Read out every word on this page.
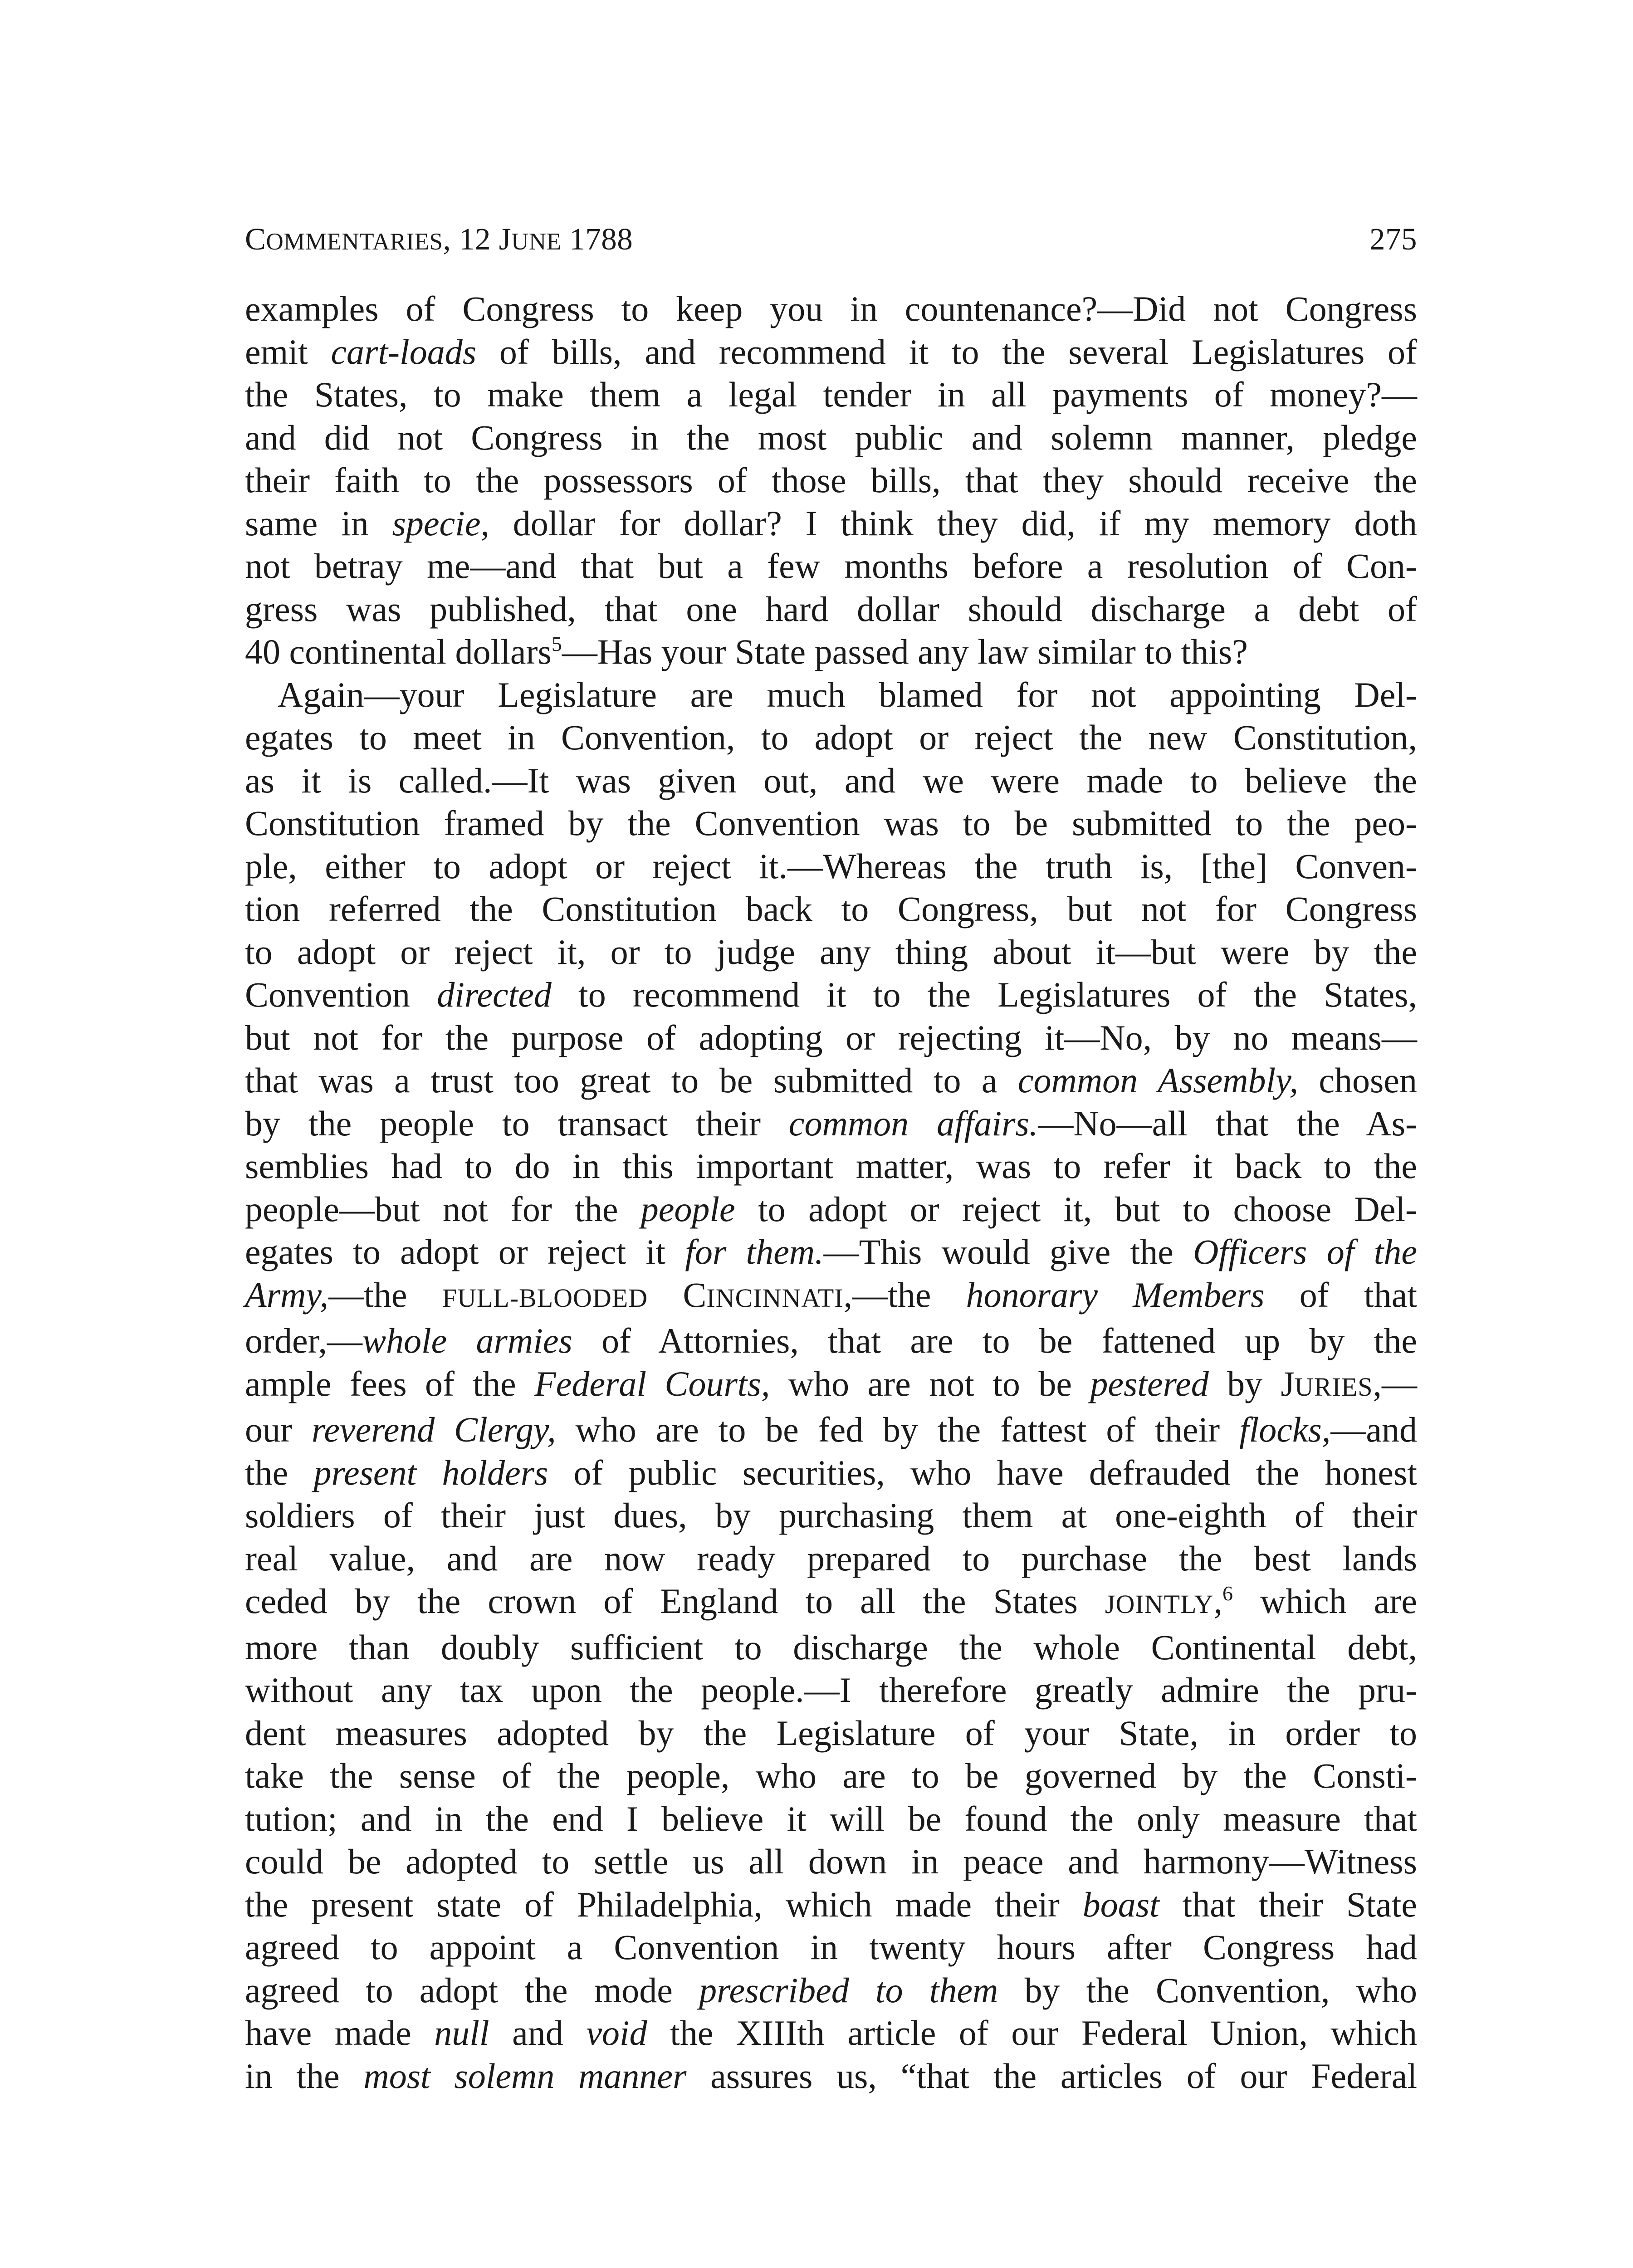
COMMENTARIES, 12 JUNE 1788	275
examples of Congress to keep you in countenance?—Did not Congress
emit cart-loads of bills, and recommend it to the several Legislatures of
the States, to make them a legal tender in all payments of money?—
and did not Congress in the most public and solemn manner, pledge
their faith to the possessors of those bills, that they should receive the
same in specie, dollar for dollar? I think they did, if my memory doth
not betray me—and that but a few months before a resolution of Con-
gress was published, that one hard dollar should discharge a debt of
40 continental dollars$^5$—Has your State passed any law similar to this?
Again—your Legislature are much blamed for not appointing Del-
egates to meet in Convention, to adopt or reject the new Constitution,
as it is called.—It was given out, and we were made to believe the
Constitution framed by the Convention was to be submitted to the peo-
ple, either to adopt or reject it.—Whereas the truth is, [the] Conven-
tion referred the Constitution back to Congress, but not for Congress
to adopt or reject it, or to judge any thing about it—but were by the
Convention directed to recommend it to the Legislatures of the States,
but not for the purpose of adopting or rejecting it—No, by no means—
that was a trust too great to be submitted to a common Assembly, chosen
by the people to transact their common affairs.—No—all that the As-
semblies had to do in this important matter, was to refer it back to the
people—but not for the people to adopt or reject it, but to choose Del-
egates to adopt or reject it for them.—This would give the Officers of the
Army,—the FULL-BLOODED CINCINNATI,—the honorary Members of that
order,—whole armies of Attornies, that are to be fattened up by the
ample fees of the Federal Courts, who are not to be pestered by JURIES,—
our reverend Clergy, who are to be fed by the fattest of their flocks,—and
the present holders of public securities, who have defrauded the honest
soldiers of their just dues, by purchasing them at one-eighth of their
real value, and are now ready prepared to purchase the best lands
ceded by the crown of England to all the States JOINTLY,$^6$ which are
more than doubly sufficient to discharge the whole Continental debt,
without any tax upon the people.—I therefore greatly admire the pru-
dent measures adopted by the Legislature of your State, in order to
take the sense of the people, who are to be governed by the Consti-
tution; and in the end I believe it will be found the only measure that
could be adopted to settle us all down in peace and harmony—Witness
the present state of Philadelphia, which made their boast that their State
agreed to appoint a Convention in twenty hours after Congress had
agreed to adopt the mode prescribed to them by the Convention, who
have made null and void the XIIIth article of our Federal Union, which
in the most solemn manner assures us, “that the articles of our Federal
